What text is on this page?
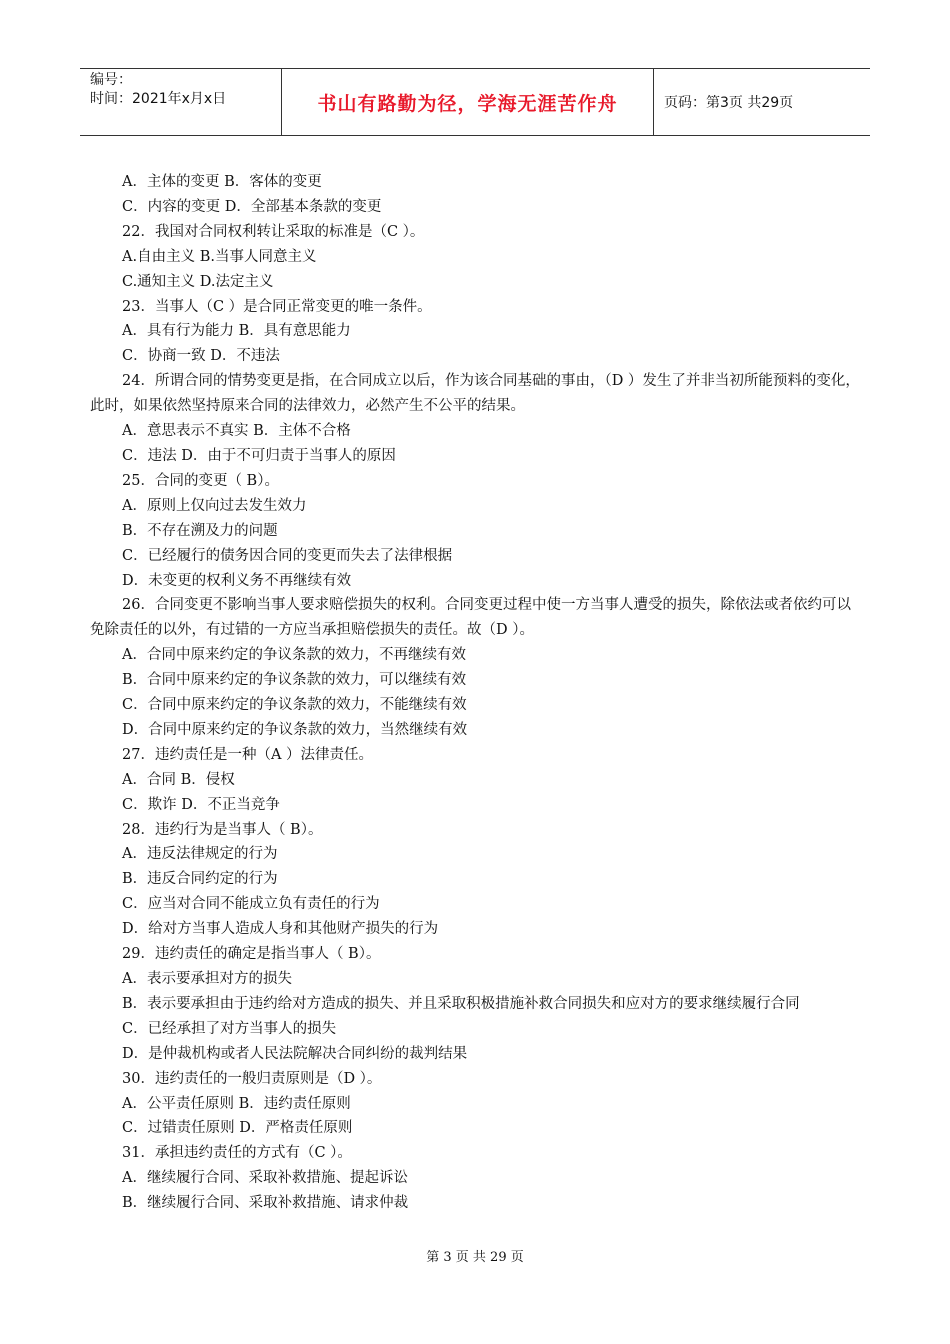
编号：
时间：2021年x月x日	书山有路勤为径，学海无涯苦作舟	页码：第3页 共29页
A．主体的变更 B．客体的变更
C．内容的变更 D．全部基本条款的变更
22．我国对合同权利转让采取的标准是（C ）。
A.自由主义 B.当事人同意主义
C.通知主义 D.法定主义
23．当事人（C ）是合同正常变更的唯一条件。
A．具有行为能力 B．具有意思能力
C．协商一致 D．不违法
24．所谓合同的情势变更是指，在合同成立以后，作为该合同基础的事由，（D ）发生了并非当初所能预料的变化，此时，如果依然坚持原来合同的法律效力，必然产生不公平的结果。
A．意思表示不真实 B．主体不合格
C．违法 D．由于不可归责于当事人的原因
25．合同的变更（ B）。
A．原则上仅向过去发生效力
B．不存在溯及力的问题
C．已经履行的债务因合同的变更而失去了法律根据
D．未变更的权利义务不再继续有效
26．合同变更不影响当事人要求赔偿损失的权利。合同变更过程中使一方当事人遭受的损失，除依法或者依约可以免除责任的以外，有过错的一方应当承担赔偿损失的责任。故（D ）。
A．合同中原来约定的争议条款的效力，不再继续有效
B．合同中原来约定的争议条款的效力，可以继续有效
C．合同中原来约定的争议条款的效力，不能继续有效
D．合同中原来约定的争议条款的效力，当然继续有效
27．违约责任是一种（A ）法律责任。
A．合同 B．侵权
C．欺诈 D．不正当竞争
28．违约行为是当事人（ B）。
A．违反法律规定的行为
B．违反合同约定的行为
C．应当对合同不能成立负有责任的行为
D．给对方当事人造成人身和其他财产损失的行为
29．违约责任的确定是指当事人（ B）。
A．表示要承担对方的损失
B．表示要承担由于违约给对方造成的损失、并且采取积极措施补救合同损失和应对方的要求继续履行合同
C．已经承担了对方当事人的损失
D．是仲裁机构或者人民法院解决合同纠纷的裁判结果
30．违约责任的一般归责原则是（D ）。
A．公平责任原则 B．违约责任原则
C．过错责任原则 D．严格责任原则
31．承担违约责任的方式有（C ）。
A．继续履行合同、采取补救措施、提起诉讼
B．继续履行合同、采取补救措施、请求仲裁
第 3 页 共 29 页
